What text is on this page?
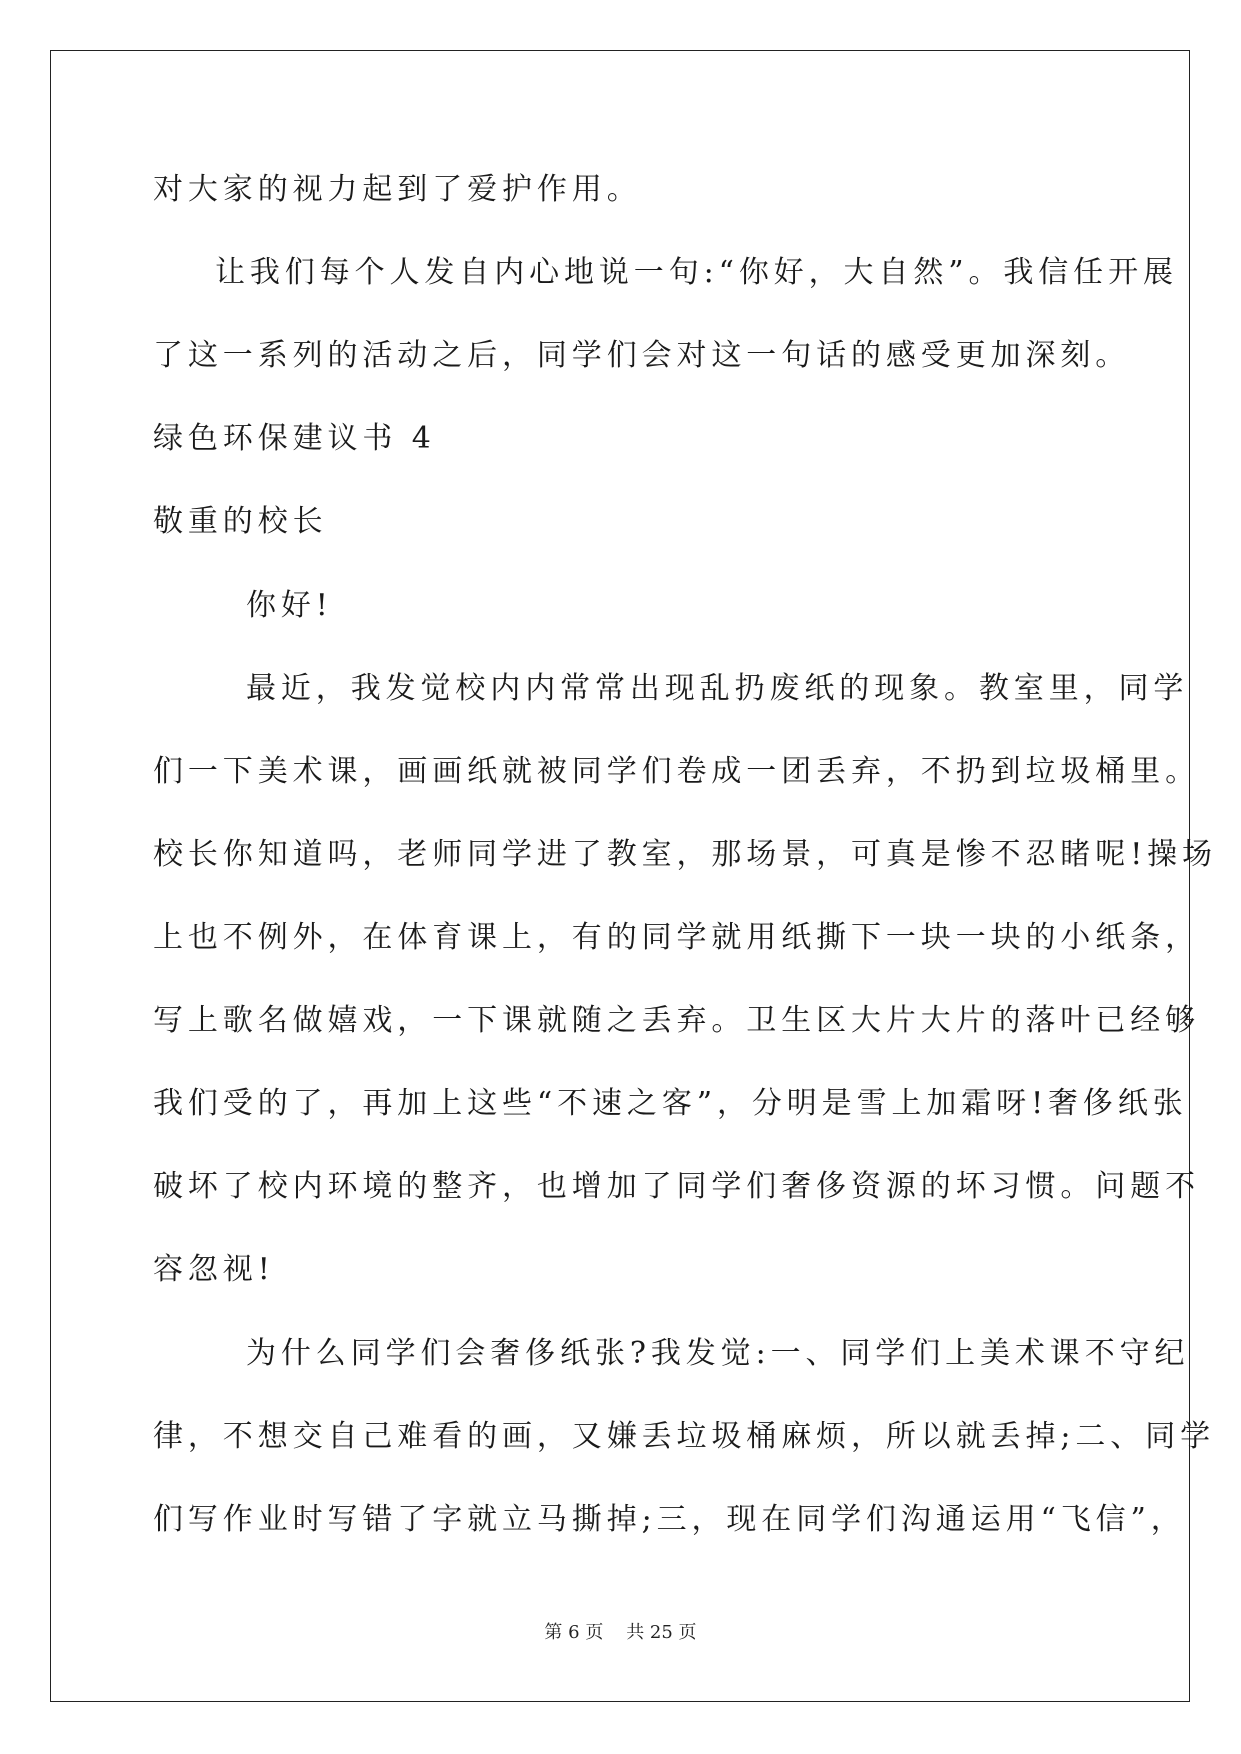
对大家的视力起到了爱护作用。
让我们每个人发自内心地说一句:“你好，大自然”。我信任开展
了这一系列的活动之后，同学们会对这一句话的感受更加深刻。
绿色环保建议书 4
敬重的校长
你好!
最近，我发觉校内内常常出现乱扔废纸的现象。教室里，同学
们一下美术课，画画纸就被同学们卷成一团丢弃，不扔到垃圾桶里。
校长你知道吗，老师同学进了教室，那场景，可真是惨不忍睹呢!操场
上也不例外，在体育课上，有的同学就用纸撕下一块一块的小纸条，
写上歌名做嬉戏，一下课就随之丢弃。卫生区大片大片的落叶已经够
我们受的了，再加上这些“不速之客”，分明是雪上加霜呀!奢侈纸张
破坏了校内环境的整齐，也增加了同学们奢侈资源的坏习惯。问题不
容忽视!
为什么同学们会奢侈纸张?我发觉:一、同学们上美术课不守纪
律，不想交自己难看的画，又嫌丢垃圾桶麻烦，所以就丢掉;二、同学
们写作业时写错了字就立马撕掉;三，现在同学们沟通运用“飞信”，
第 6 页    共 25 页
